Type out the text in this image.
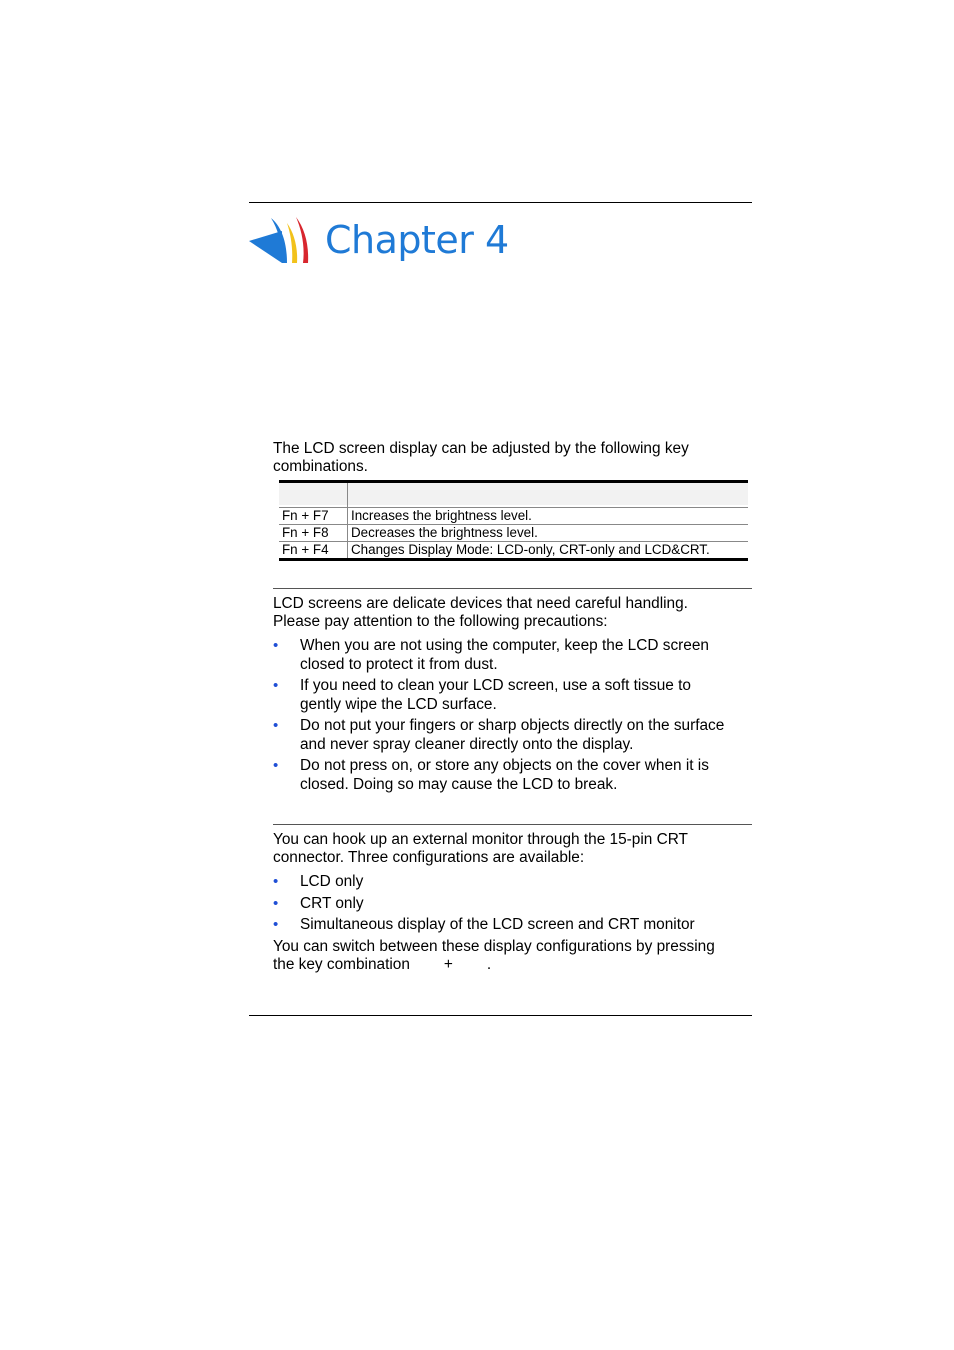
Chapter 4
The LCD screen display can be adjusted by the following key
combinations.

Fn + F7	Increases the brightness level.
Fn + F8	Decreases the brightness level.
Fn + F4	Changes Display Mode: LCD-only, CRT-only and LCD&CRT.
LCD screens are delicate devices that need careful handling.
Please pay attention to the following precautions:
• When you are not using the computer, keep the LCD screen
closed to protect it from dust.
• If you need to clean your LCD screen, use a soft tissue to
gently wipe the LCD surface.
• Do not put your fingers or sharp objects directly on the surface
and never spray cleaner directly onto the display.
• Do not press on, or store any objects on the cover when it is
closed. Doing so may cause the LCD to break.
You can hook up an external monitor through the 15-pin CRT
connector. Three configurations are available:
• LCD only
• CRT only
• Simultaneous display of the LCD screen and CRT monitor
You can switch between these display configurations by pressing
the key combination + .
